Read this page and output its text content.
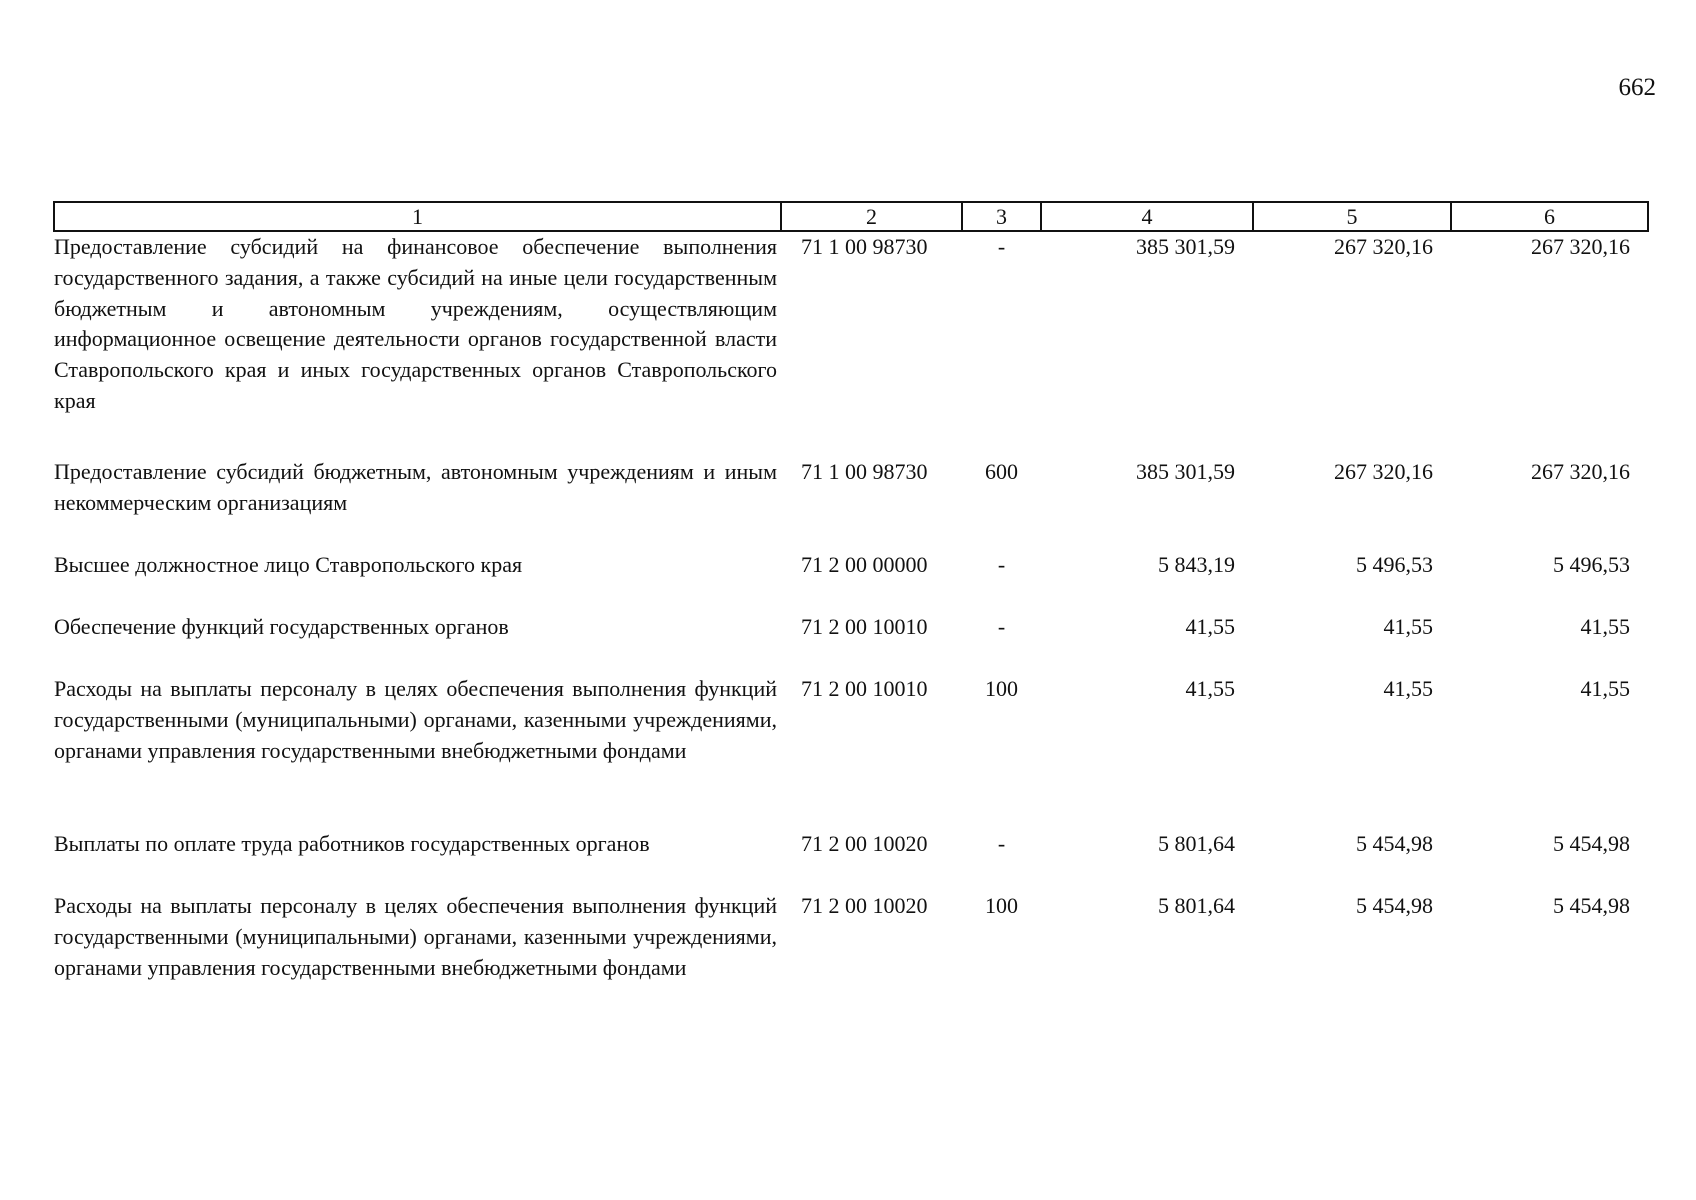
662
1	2	3	4	5	6
Предоставление субсидий на финансовое обеспечение выполнения государственного задания, а также субсидий на иные цели государственным бюджетным и автономным учреждениям, осуществляющим информационное освещение деятельности органов государственной власти Ставропольского края и иных государственных органов Ставропольского края	71 1 00 98730	-	385 301,59	267 320,16	267 320,16
Предоставление субсидий бюджетным, автономным учреждениям и иным некоммерческим организациям	71 1 00 98730	600	385 301,59	267 320,16	267 320,16
Высшее должностное лицо Ставропольского края	71 2 00 00000	-	5 843,19	5 496,53	5 496,53
Обеспечение функций государственных органов	71 2 00 10010	-	41,55	41,55	41,55
Расходы на выплаты персоналу в целях обеспечения выполнения функций государственными (муниципальными) органами, казенными учреждениями, органами управления государственными внебюджетными фондами	71 2 00 10010	100	41,55	41,55	41,55
Выплаты по оплате труда работников государственных органов	71 2 00 10020	-	5 801,64	5 454,98	5 454,98
Расходы на выплаты персоналу в целях обеспечения выполнения функций государственными (муниципальными) органами, казенными учреждениями, органами управления государственными внебюджетными фондами	71 2 00 10020	100	5 801,64	5 454,98	5 454,98
